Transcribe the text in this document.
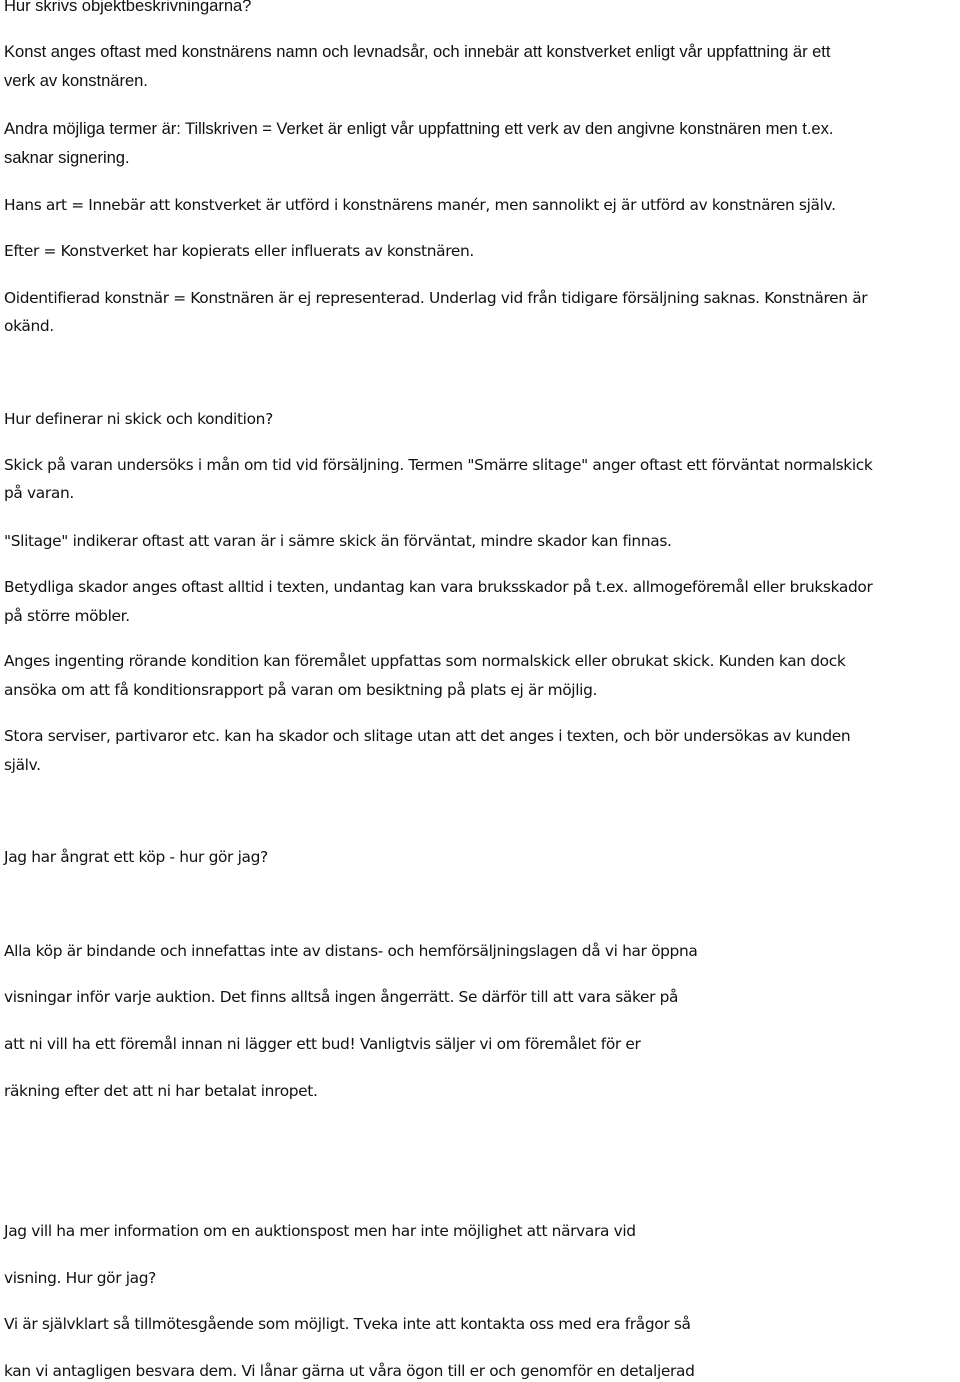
Hur skrivs objektbeskrivningarna?
Konst anges oftast med konstnärens namn och levnadsår, och innebär att konstverket enligt vår uppfattning är ett
verk av konstnären.
Andra möjliga termer är: Tillskriven = Verket är enligt vår uppfattning ett verk av den angivne konstnären men t.ex.
saknar signering.
Hans art = Innebär att konstverket är utförd i konstnärens manér, men sannolikt ej är utförd av konstnären själv.
Efter = Konstverket har kopierats eller influerats av konstnären.
Oidentifierad konstnär = Konstnären är ej representerad. Underlag vid från tidigare försäljning saknas. Konstnären är
okänd.
Hur definerar ni skick och kondition?
Skick på varan undersöks i mån om tid vid försäljning. Termen "Smärre slitage" anger oftast ett förväntat normalskick
på varan.
"Slitage" indikerar oftast att varan är i sämre skick än förväntat, mindre skador kan finnas.
Betydliga skador anges oftast alltid i texten, undantag kan vara bruksskador på t.ex. allmogeföremål eller brukskador
på större möbler.
Anges ingenting rörande kondition kan föremålet uppfattas som normalskick eller obrukat skick. Kunden kan dock
ansöka om att få konditionsrapport på varan om besiktning på plats ej är möjlig.
Stora serviser, partivaror etc. kan ha skador och slitage utan att det anges i texten, och bör undersökas av kunden
själv.
Jag har ångrat ett köp - hur gör jag?
Alla köp är bindande och innefattas inte av distans- och hemförsäljningslagen då vi har öppna
visningar inför varje auktion. Det finns alltså ingen ångerrätt. Se därför till att vara säker på
att ni vill ha ett föremål innan ni lägger ett bud! Vanligtvis säljer vi om föremålet för er
räkning efter det att ni har betalat inropet.
Jag vill ha mer information om en auktionspost men har inte möjlighet att närvara vid
visning. Hur gör jag?
Vi är självklart så tillmötesgående som möjligt. Tveka inte att kontakta oss med era frågor så
kan vi antagligen besvara dem. Vi lånar gärna ut våra ögon till er och genomför en detaljerad
